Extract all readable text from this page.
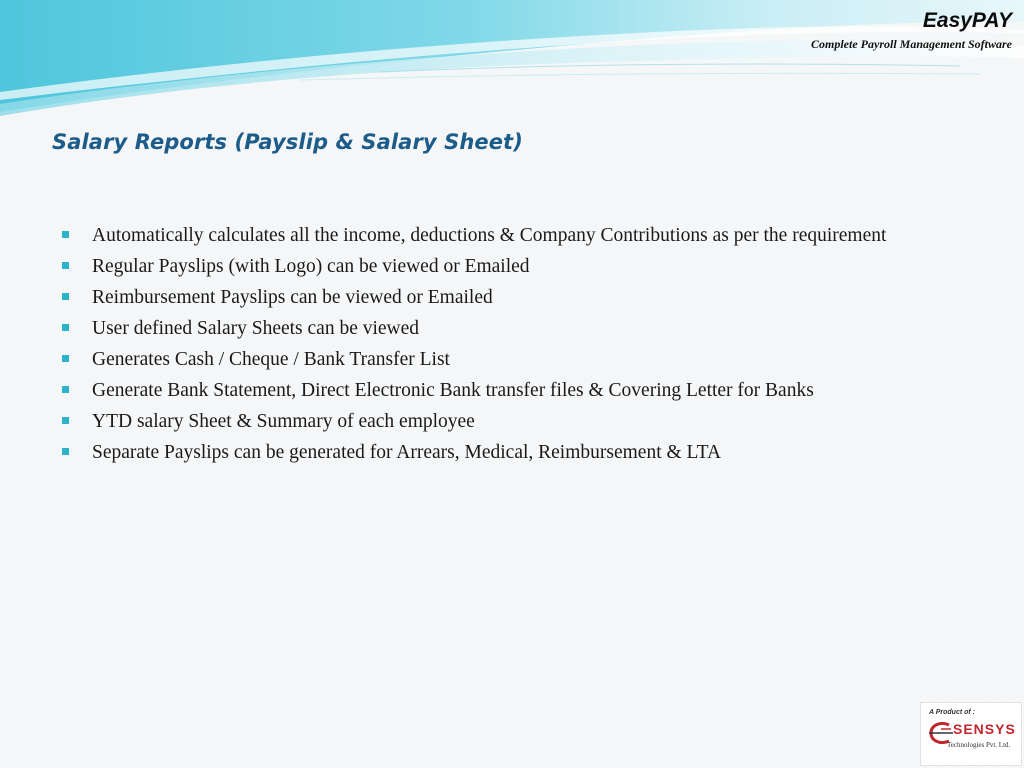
EasyPAY
Complete Payroll Management Software
Salary Reports (Payslip & Salary Sheet)
Automatically calculates all the income, deductions & Company Contributions as per the requirement
Regular Payslips (with Logo) can be viewed or Emailed
Reimbursement Payslips can be viewed or Emailed
User defined Salary Sheets can be viewed
Generates Cash / Cheque / Bank Transfer List
Generate Bank Statement, Direct Electronic Bank transfer files & Covering Letter for Banks
YTD salary Sheet & Summary of each employee
Separate Payslips can be generated for Arrears, Medical, Reimbursement & LTA
A Product of :
SENSYS
Technologies Pvt. Ltd.
